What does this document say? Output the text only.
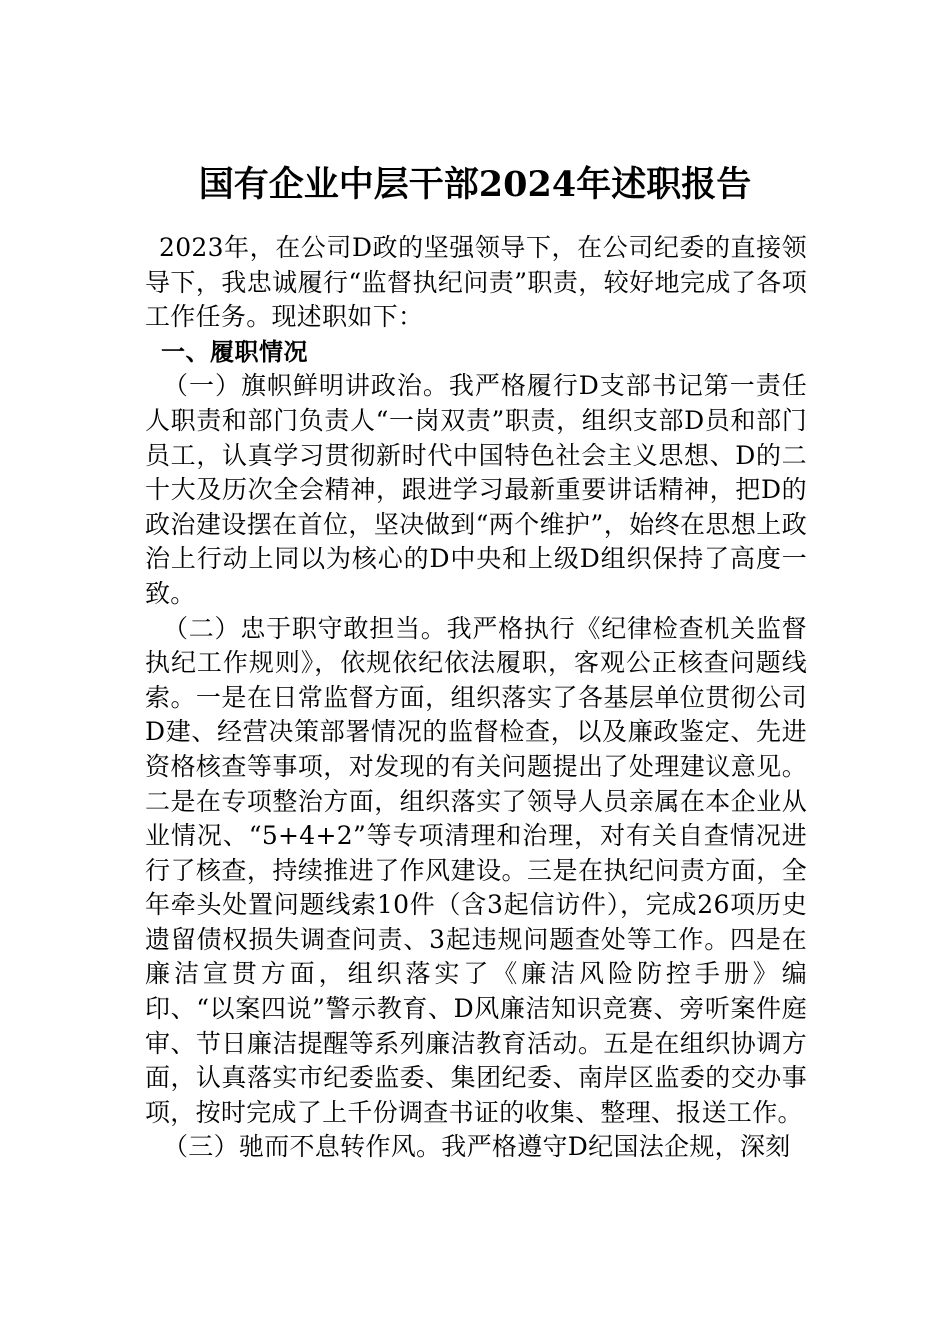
国有企业中层干部2024年述职报告

2023年，在公司D政的坚强领导下，在公司纪委的直接领导下，我忠诚履行“监督执纪问责”职责，较好地完成了各项工作任务。现述职如下：

一、履职情况

（一）旗帜鲜明讲政治。我严格履行D支部书记第一责任人职责和部门负责人“一岗双责”职责，组织支部D员和部门员工，认真学习贯彻新时代中国特色社会主义思想、D的二十大及历次全会精神，跟进学习最新重要讲话精神，把D的政治建设摆在首位，坚决做到“两个维护”，始终在思想上政治上行动上同以为核心的D中央和上级D组织保持了高度一致。

（二）忠于职守敢担当。我严格执行《纪律检查机关监督执纪工作规则》，依规依纪依法履职，客观公正核查问题线索。一是在日常监督方面，组织落实了各基层单位贯彻公司D建、经营决策部署情况的监督检查，以及廉政鉴定、先进资格核查等事项，对发现的有关问题提出了处理建议意见。二是在专项整治方面，组织落实了领导人员亲属在本企业从业情况、“5+4+2”等专项清理和治理，对有关自查情况进行了核查，持续推进了作风建设。三是在执纪问责方面，全年牵头处置问题线索10件（含3起信访件），完成26项历史遗留债权损失调查问责、3起违规问题查处等工作。四是在廉洁宣贯方面，组织落实了《廉洁风险防控手册》编印、“以案四说”警示教育、D风廉洁知识竞赛、旁听案件庭审、节日廉洁提醒等系列廉洁教育活动。五是在组织协调方面，认真落实市纪委监委、集团纪委、南岸区监委的交办事项，按时完成了上千份调查书证的收集、整理、报送工作。

（三）驰而不息转作风。我严格遵守D纪国法企规，深刻
